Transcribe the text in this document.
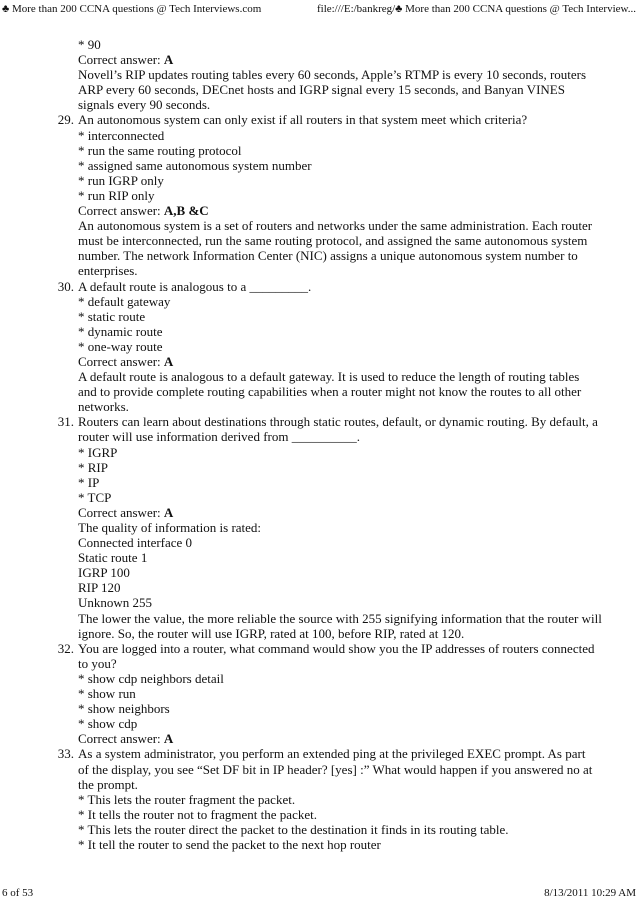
♣ More than 200 CCNA questions @ Tech Interviews.com	file:///E:/bankreg/♣ More than 200 CCNA questions @ Tech Interview...
* 90
Correct answer: A
Novell’s RIP updates routing tables every 60 seconds, Apple’s RTMP is every 10 seconds, routers
ARP every 60 seconds, DECnet hosts and IGRP signal every 15 seconds, and Banyan VINES
signals every 90 seconds.
29. An autonomous system can only exist if all routers in that system meet which criteria?
* interconnected
* run the same routing protocol
* assigned same autonomous system number
* run IGRP only
* run RIP only
Correct answer: A,B &C
An autonomous system is a set of routers and networks under the same administration. Each router
must be interconnected, run the same routing protocol, and assigned the same autonomous system
number. The network Information Center (NIC) assigns a unique autonomous system number to
enterprises.
30. A default route is analogous to a _________.
* default gateway
* static route
* dynamic route
* one-way route
Correct answer: A
A default route is analogous to a default gateway. It is used to reduce the length of routing tables
and to provide complete routing capabilities when a router might not know the routes to all other
networks.
31. Routers can learn about destinations through static routes, default, or dynamic routing. By default, a
router will use information derived from __________.
* IGRP
* RIP
* IP
* TCP
Correct answer: A
The quality of information is rated:
Connected interface 0
Static route 1
IGRP 100
RIP 120
Unknown 255
The lower the value, the more reliable the source with 255 signifying information that the router will
ignore. So, the router will use IGRP, rated at 100, before RIP, rated at 120.
32. You are logged into a router, what command would show you the IP addresses of routers connected
to you?
* show cdp neighbors detail
* show run
* show neighbors
* show cdp
Correct answer: A
33. As a system administrator, you perform an extended ping at the privileged EXEC prompt. As part
of the display, you see “Set DF bit in IP header? [yes] :” What would happen if you answered no at
the prompt.
* This lets the router fragment the packet.
* It tells the router not to fragment the packet.
* This lets the router direct the packet to the destination it finds in its routing table.
* It tell the router to send the packet to the next hop router
6 of 53	8/13/2011 10:29 AM
